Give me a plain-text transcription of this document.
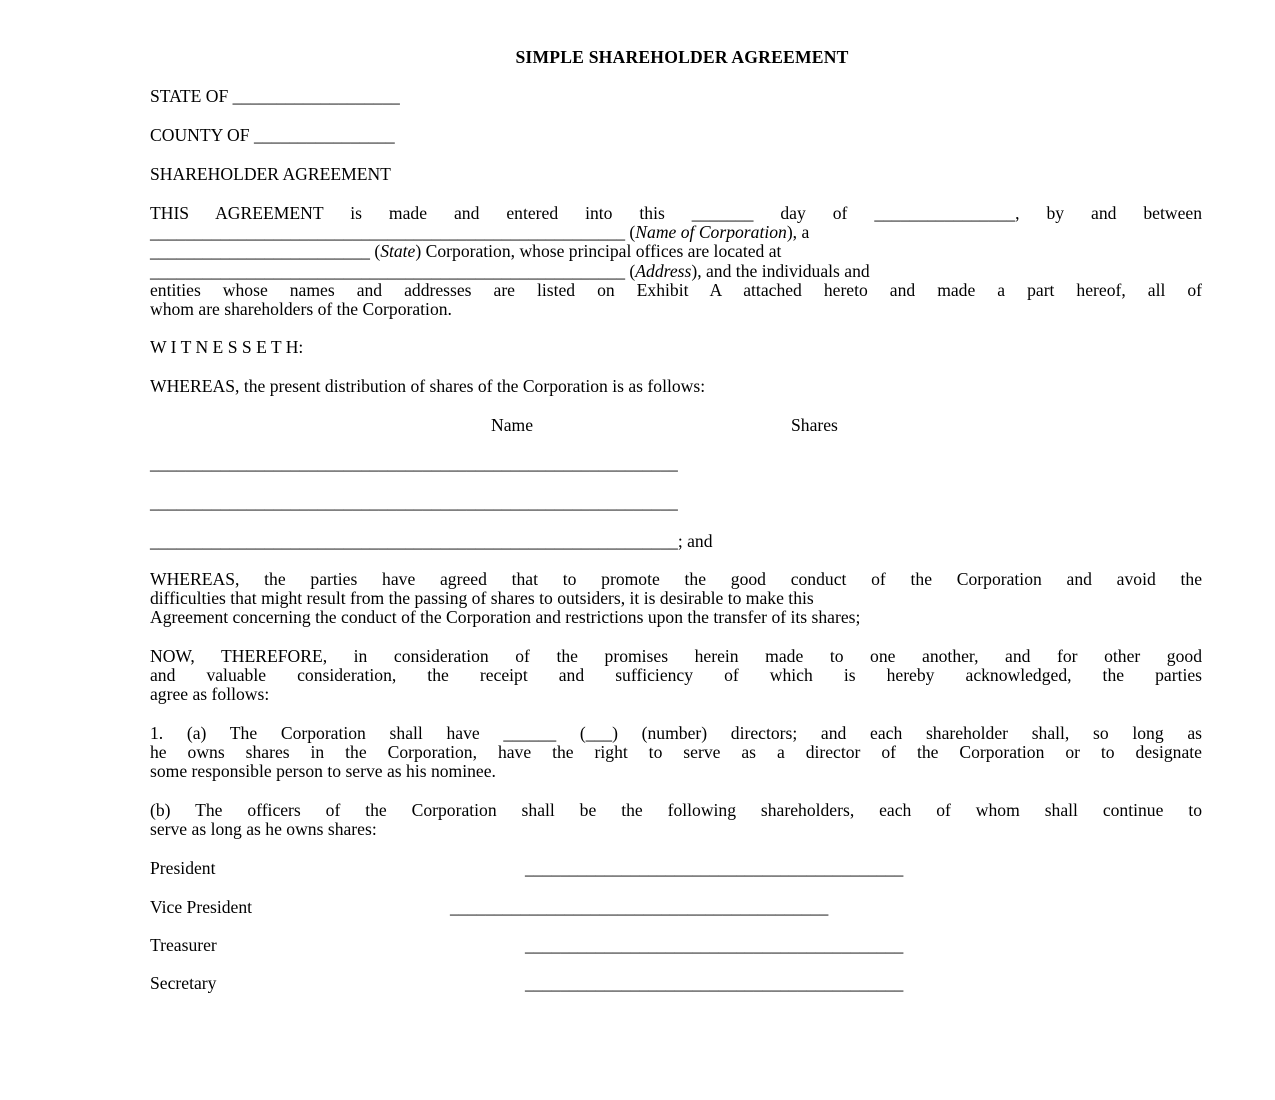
SIMPLE SHAREHOLDER AGREEMENT
STATE OF ___________________
COUNTY OF ________________
SHAREHOLDER AGREEMENT
THIS AGREEMENT is made and entered into this _______ day of ________________, by and between
______________________________________________________ (Name of Corporation), a
_________________________ (State) Corporation, whose principal offices are located at
______________________________________________________ (Address), and the individuals and
entities whose names and addresses are listed on Exhibit A attached hereto and made a part hereof, all of
whom are shareholders of the Corporation.
W I T N E S S E T H:
WHEREAS, the present distribution of shares of the Corporation is as follows:
Name	Shares
____________________________________________________________
____________________________________________________________
____________________________________________________________; and
WHEREAS, the parties have agreed that to promote the good conduct of the Corporation and avoid the
difficulties that might result from the passing of shares to outsiders, it is desirable to make this
Agreement concerning the conduct of the Corporation and restrictions upon the transfer of its shares;
NOW, THEREFORE, in consideration of the promises herein made to one another, and for other good
and valuable consideration, the receipt and sufficiency of which is hereby acknowledged, the parties
agree as follows:
1. (a) The Corporation shall have ______ (___) (number) directors; and each shareholder shall, so long as
he owns shares in the Corporation, have the right to serve as a director of the Corporation or to designate
some responsible person to serve as his nominee.
(b) The officers of the Corporation shall be the following shareholders, each of whom shall continue to
serve as long as he owns shares:
President	___________________________________________
Vice President	___________________________________________
Treasurer	___________________________________________
Secretary	___________________________________________
